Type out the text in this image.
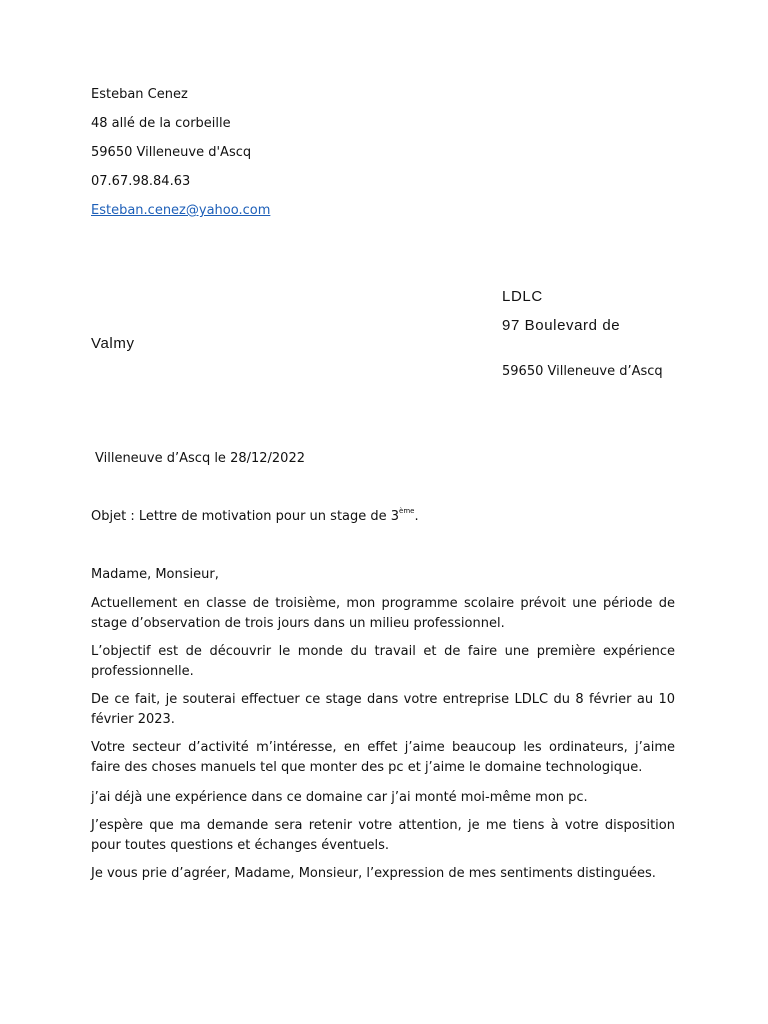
Esteban Cenez
48 allé de la corbeille
59650 Villeneuve d'Ascq
07.67.98.84.63
Esteban.cenez@yahoo.com
LDLC
97 Boulevard de
Valmy
59650 Villeneuve d’Ascq
Villeneuve d’Ascq le 28/12/2022
Objet : Lettre de motivation pour un stage de 3ème.
Madame, Monsieur,
Actuellement en classe de troisième, mon programme scolaire prévoit une période de stage d’observation de trois jours dans un milieu professionnel.
L’objectif est de découvrir le monde du travail et de faire une première expérience professionnelle.
De ce fait, je souterai effectuer ce stage dans votre entreprise LDLC du 8 février au 10 février 2023.
Votre secteur d’activité m’intéresse, en effet j’aime beaucoup les ordinateurs, j’aime faire des choses manuels tel que monter des pc et j’aime le domaine technologique.
j’ai déjà une expérience dans ce domaine car j’ai monté moi-même mon pc.
J’espère que ma demande sera retenir votre attention, je me tiens à votre disposition pour toutes questions et échanges éventuels.
Je vous prie d’agréer, Madame, Monsieur, l’expression de mes sentiments distinguées.
